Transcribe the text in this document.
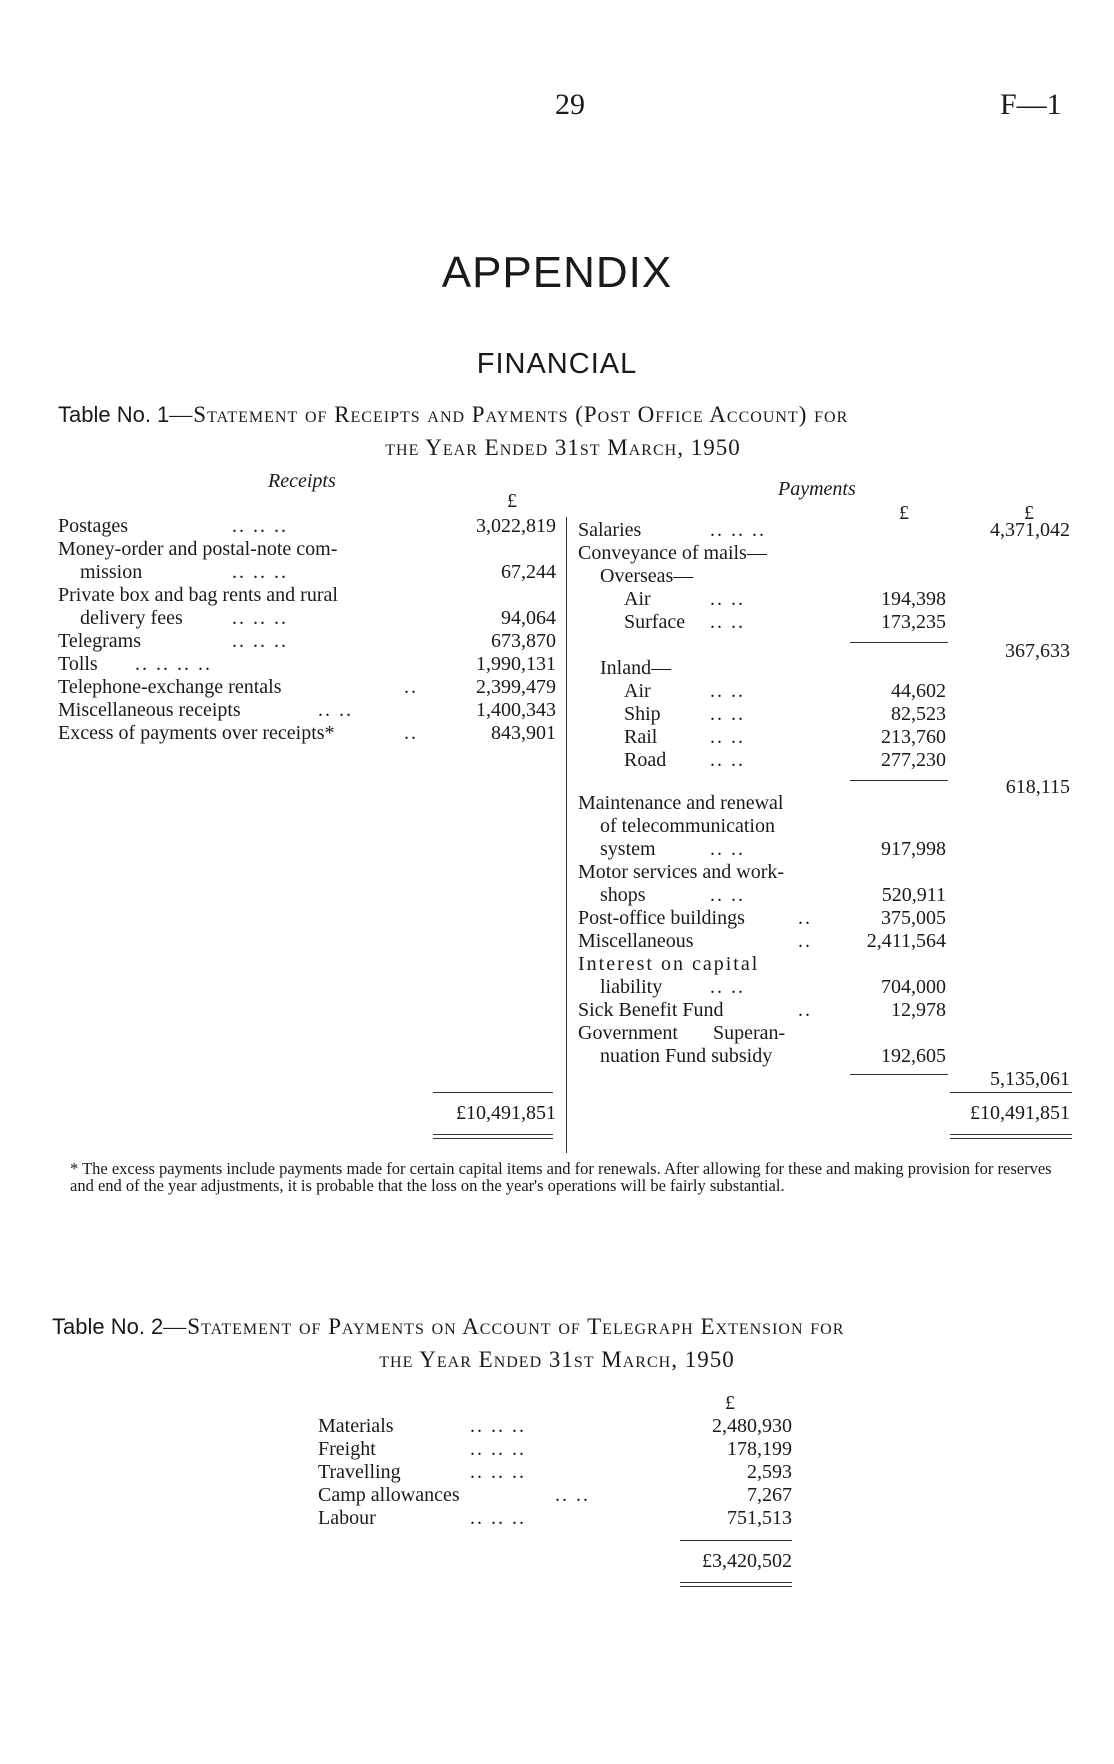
29	F—1
APPENDIX
FINANCIAL
Table No. 1—Statement of Receipts and Payments (Post Office Account) for
the Year Ended 31st March, 1950
Receipts	Payments
£
£	£
Postages	.. .. ..	3,022,819
Money-order and postal-note com-
mission	.. .. ..	67,244
Private box and bag rents and rural
delivery fees .. .. ..	94,064
Telegrams	.. .. ..	673,870
Tolls .. .. .. ..	1,990,131
Telephone-exchange rentals	..	2,399,479
Miscellaneous receipts	.. ..	1,400,343
Excess of payments over receipts*	..	843,901
£10,491,851
Salaries	.. .. ..	4,371,042
Conveyance of mails—
Overseas—
Air	.. ..	194,398
Surface .. ..	173,235
367,633
Inland—
Air	.. ..	44,602
Ship .. ..	82,523
Rail	.. ..	213,760
Road .. ..	277,230
618,115
Maintenance and renewal
of telecommunication
system	.. ..	917,998
Motor services and work-
shops	.. ..	520,911
Post-office buildings	..	375,005
Miscellaneous	..	2,411,564
Interest on capital
liability .. ..	704,000
Sick Benefit Fund	..	12,978
Government Superan-
nuation Fund subsidy	192,605
5,135,061
£10,491,851
* The excess payments include payments made for certain capital items and for renewals. After allowing for these and making provision for reserves and end of the year adjustments, it is probable that the loss on the year's operations will be fairly substantial.
Table No. 2—Statement of Payments on Account of Telegraph Extension for
the Year Ended 31st March, 1950
£
Materials	.. .. ..	2,480,930
Freight	.. .. ..	178,199
Travelling	.. .. ..	2,593
Camp allowances	.. ..	7,267
Labour	.. .. ..	751,513
£3,420,502
